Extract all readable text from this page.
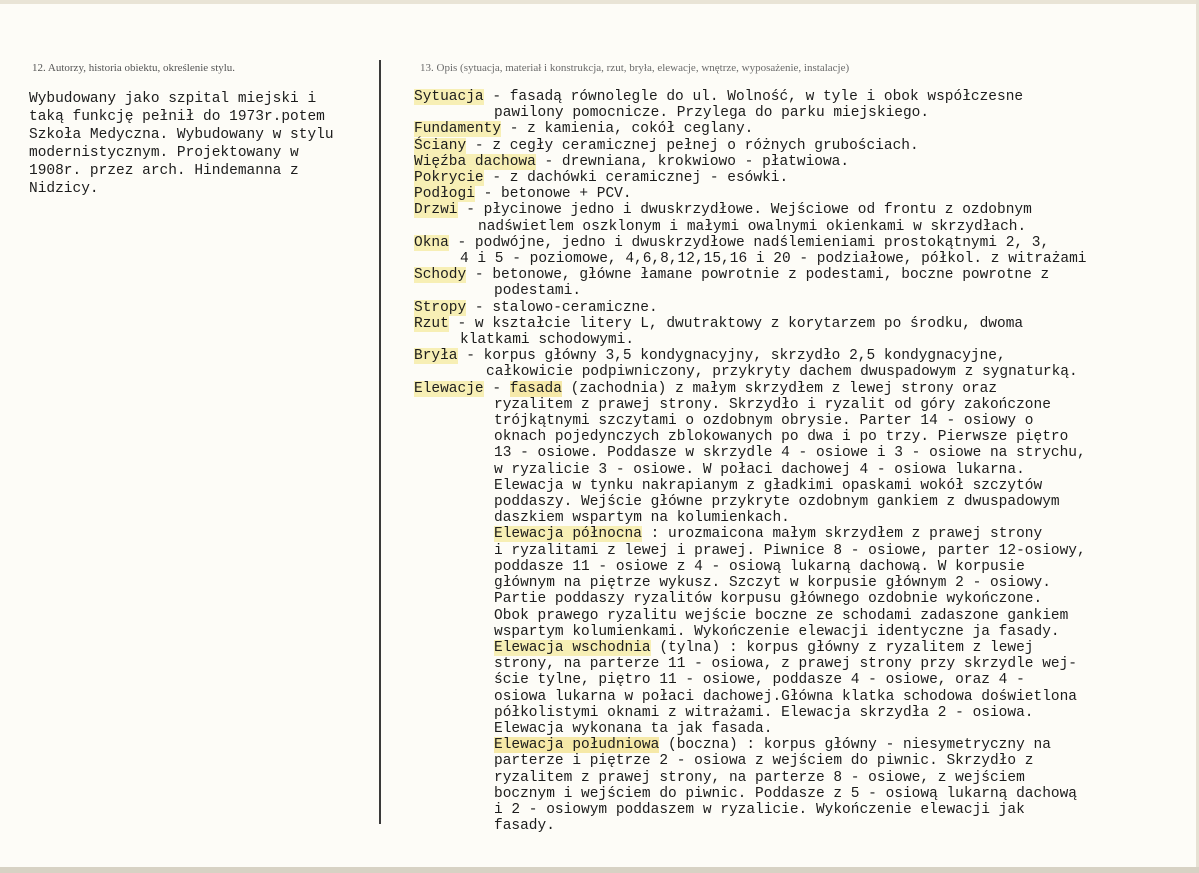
12. Autorzy, historia obiektu, określenie stylu.	13. Opis (sytuacja, materiał i konstrukcja, rzut, bryła, elewacje, wnętrze, wyposażenie, instalacje)
Wybudowany jako szpital miejski i
taką funkcję pełnił do 1973r.potem
Szkoła Medyczna. Wybudowany w stylu
modernistycznym. Projektowany w
1908r. przez arch. Hindemanna z
Nidzicy.
Sytuacja - fasadą równolegle do ul. Wolność, w tyle i obok współczesne
pawilony pomocnicze. Przylega do parku miejskiego.
Fundamenty - z kamienia, cokół ceglany.
Ściany - z cegły ceramicznej pełnej o różnych grubościach.
Więźba dachowa - drewniana, krokwiowo - płatwiowa.
Pokrycie - z dachówki ceramicznej - esówki.
Podłogi - betonowe + PCV.
Drzwi - płycinowe jedno i dwuskrzydłowe. Wejściowe od frontu z ozdobnym
nadświetlem oszklonym i małymi owalnymi okienkami w skrzydłach.
Okna - podwójne, jedno i dwuskrzydłowe nadślemieniami prostokątnymi 2, 3,
4 i 5 - poziomowe, 4,6,8,12,15,16 i 20 - podziałowe, półkol. z witrażami
Schody - betonowe, główne łamane powrotnie z podestami, boczne powrotne z
podestami.
Stropy - stalowo-ceramiczne.
Rzut - w kształcie litery L, dwutraktowy z korytarzem po środku, dwoma
klatkami schodowymi.
Bryła - korpus główny 3,5 kondygnacyjny, skrzydło 2,5 kondygnacyjne,
całkowicie podpiwniczony, przykryty dachem dwuspadowym z sygnaturką.
Elewacje - fasada (zachodnia) z małym skrzydłem z lewej strony oraz
ryzalitem z prawej strony. Skrzydło i ryzalit od góry zakończone
trójkątnymi szczytami o ozdobnym obrysie. Parter 14 - osiowy o
oknach pojedynczych zblokowanych po dwa i po trzy. Pierwsze piętro
13 - osiowe. Poddasze w skrzydle 4 - osiowe i 3 - osiowe na strychu,
w ryzalicie 3 - osiowe. W połaci dachowej 4 - osiowa lukarna.
Elewacja w tynku nakrapianym z gładkimi opaskami wokół szczytów
poddaszy. Wejście główne przykryte ozdobnym gankiem z dwuspadowym
daszkiem wspartym na kolumienkach.
Elewacja północna : urozmaicona małym skrzydłem z prawej strony
i ryzalitami z lewej i prawej. Piwnice 8 - osiowe, parter 12-osiowy,
poddasze 11 - osiowe z 4 - osiową lukarną dachową. W korpusie
głównym na piętrze wykusz. Szczyt w korpusie głównym 2 - osiowy.
Partie poddaszy ryzalitów korpusu głównego ozdobnie wykończone.
Obok prawego ryzalitu wejście boczne ze schodami zadaszone gankiem
wspartym kolumienkami. Wykończenie elewacji identyczne ja fasady.
Elewacja wschodnia (tylna) : korpus główny z ryzalitem z lewej
strony, na parterze 11 - osiowa, z prawej strony przy skrzydle wej-
ście tylne, piętro 11 - osiowe, poddasze 4 - osiowe, oraz 4 -
osiowa lukarna w połaci dachowej.Główna klatka schodowa doświetlona
półkolistymi oknami z witrażami. Elewacja skrzydła 2 - osiowa.
Elewacja wykonana ta jak fasada.
Elewacja południowa (boczna) : korpus główny - niesymetryczny na
parterze i piętrze 2 - osiowa z wejściem do piwnic. Skrzydło z
ryzalitem z prawej strony, na parterze 8 - osiowe, z wejściem
bocznym i wejściem do piwnic. Poddasze z 5 - osiową lukarną dachową
i 2 - osiowym poddaszem w ryzalicie. Wykończenie elewacji jak
fasady.
